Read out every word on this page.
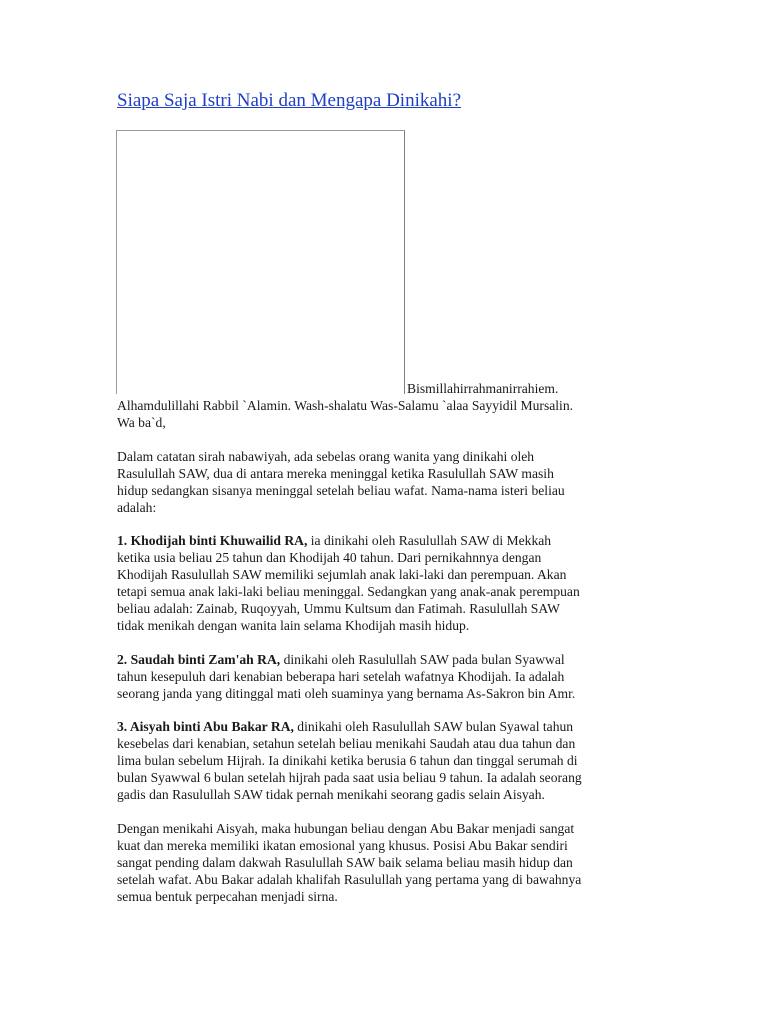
Siapa Saja Istri Nabi dan Mengapa Dinikahi?
Bismillahirrahmanirrahiem.
Alhamdulillahi Rabbil `Alamin. Wash-shalatu Was-Salamu `alaa Sayyidil Mursalin.
Wa ba`d,
Dalam catatan sirah nabawiyah, ada sebelas orang wanita yang dinikahi oleh
Rasulullah SAW, dua di antara mereka meninggal ketika Rasulullah SAW masih
hidup sedangkan sisanya meninggal setelah beliau wafat. Nama-nama isteri beliau
adalah:
1. Khodijah binti Khuwailid RA, ia dinikahi oleh Rasulullah SAW di Mekkah
ketika usia beliau 25 tahun dan Khodijah 40 tahun. Dari pernikahnnya dengan
Khodijah Rasulullah SAW memiliki sejumlah anak laki-laki dan perempuan. Akan
tetapi semua anak laki-laki beliau meninggal. Sedangkan yang anak-anak perempuan
beliau adalah: Zainab, Ruqoyyah, Ummu Kultsum dan Fatimah. Rasulullah SAW
tidak menikah dengan wanita lain selama Khodijah masih hidup.
2. Saudah binti Zam'ah RA, dinikahi oleh Rasulullah SAW pada bulan Syawwal
tahun kesepuluh dari kenabian beberapa hari setelah wafatnya Khodijah. Ia adalah
seorang janda yang ditinggal mati oleh suaminya yang bernama As-Sakron bin Amr.
3. Aisyah binti Abu Bakar RA, dinikahi oleh Rasulullah SAW bulan Syawal tahun
kesebelas dari kenabian, setahun setelah beliau menikahi Saudah atau dua tahun dan
lima bulan sebelum Hijrah. Ia dinikahi ketika berusia 6 tahun dan tinggal serumah di
bulan Syawwal 6 bulan setelah hijrah pada saat usia beliau 9 tahun. Ia adalah seorang
gadis dan Rasulullah SAW tidak pernah menikahi seorang gadis selain Aisyah.
Dengan menikahi Aisyah, maka hubungan beliau dengan Abu Bakar menjadi sangat
kuat dan mereka memiliki ikatan emosional yang khusus. Posisi Abu Bakar sendiri
sangat pending dalam dakwah Rasulullah SAW baik selama beliau masih hidup dan
setelah wafat. Abu Bakar adalah khalifah Rasulullah yang pertama yang di bawahnya
semua bentuk perpecahan menjadi sirna.
